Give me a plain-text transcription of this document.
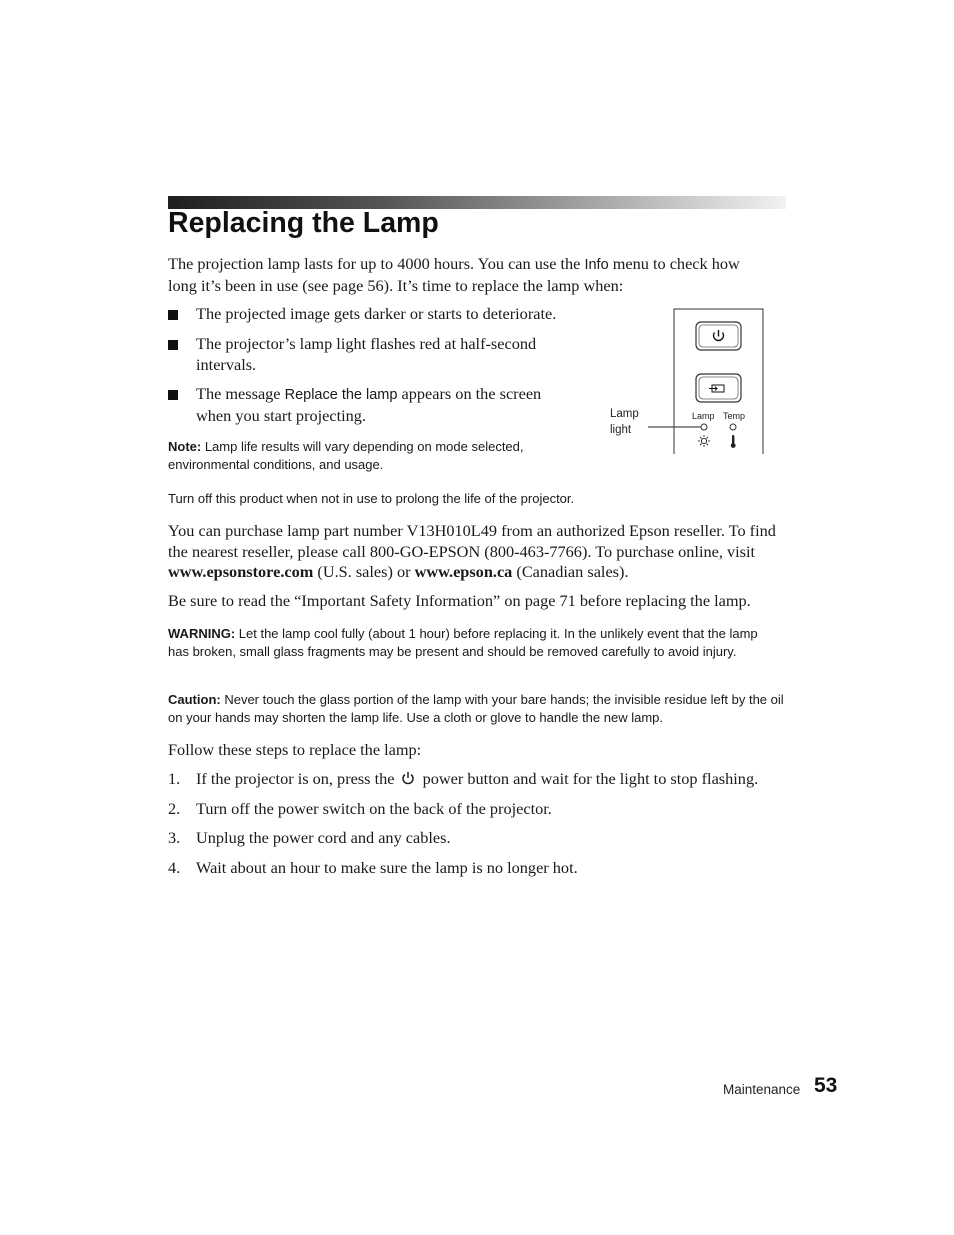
Replacing the Lamp

The projection lamp lasts for up to 4000 hours. You can use the Info menu to check how long it’s been in use (see page 56). It’s time to replace the lamp when:

The projected image gets darker or starts to deteriorate.
The projector’s lamp light flashes red at half-second intervals.
The message Replace the lamp appears on the screen when you start projecting.

Note: Lamp life results will vary depending on mode selected, environmental conditions, and usage.

Lamp
light
Lamp Temp

Turn off this product when not in use to prolong the life of the projector.

You can purchase lamp part number V13H010L49 from an authorized Epson reseller. To find the nearest reseller, please call 800-GO-EPSON (800-463-7766). To purchase online, visit www.epsonstore.com (U.S. sales) or www.epson.ca (Canadian sales).

Be sure to read the “Important Safety Information” on page 71 before replacing the lamp.

WARNING: Let the lamp cool fully (about 1 hour) before replacing it. In the unlikely event that the lamp has broken, small glass fragments may be present and should be removed carefully to avoid injury.

Caution: Never touch the glass portion of the lamp with your bare hands; the invisible residue left by the oil on your hands may shorten the lamp life. Use a cloth or glove to handle the new lamp.

Follow these steps to replace the lamp:

1. If the projector is on, press the  power button and wait for the light to stop flashing.
2. Turn off the power switch on the back of the projector.
3. Unplug the power cord and any cables.
4. Wait about an hour to make sure the lamp is no longer hot.
Maintenance 53
